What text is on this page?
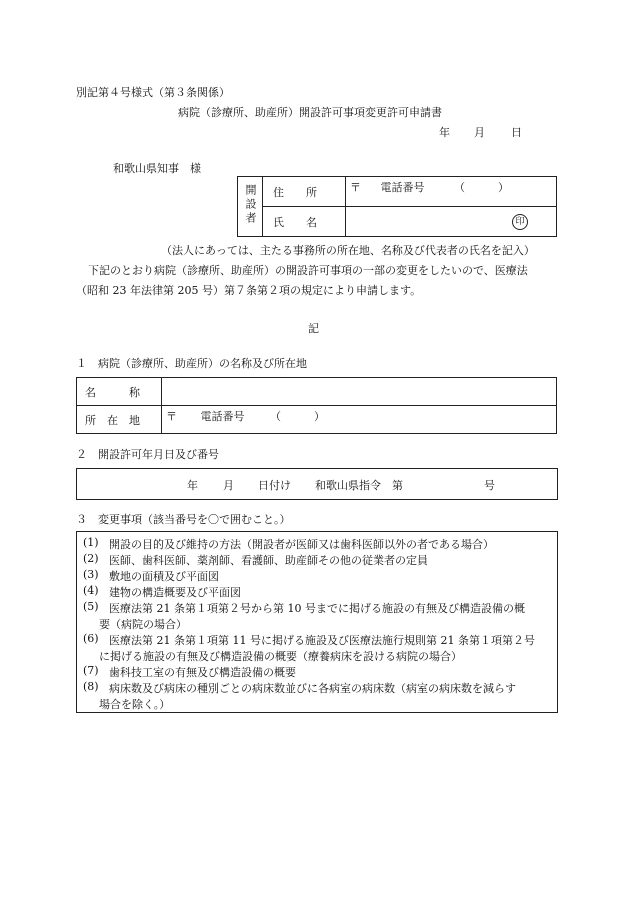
別記第４号様式（第３条関係）
病院（診療所、助産所）開設許可事項変更許可申請書
年 月 日
和歌山県知事　様
開設者	住　　所	〒 電話番号 （　　　）
	氏　　名	印
（法人にあっては、主たる事務所の所在地、名称及び代表者の氏名を記入）
下記のとおり病院（診療所、助産所）の開設許可事項の一部の変更をしたいので、医療法
（昭和 23 年法律第 205 号）第７条第２項の規定により申請します。
記
１　病院（診療所、助産所）の名称及び所在地
名　　　称	
所　在　地	〒 電話番号 （　　　）
２　開設許可年月日及び番号
年 月 日付け 和歌山県指令　第	号
３　変更事項（該当番号を〇で囲むこと。）
(1) 開設の目的及び維持の方法（開設者が医師又は歯科医師以外の者である場合）
(2) 医師、歯科医師、薬剤師、看護師、助産師その他の従業者の定員
(3) 敷地の面積及び平面図
(4) 建物の構造概要及び平面図
(5) 医療法第 21 条第１項第２号から第 10 号までに掲げる施設の有無及び構造設備の概
要（病院の場合）
(6) 医療法第 21 条第１項第 11 号に掲げる施設及び医療法施行規則第 21 条第１項第２号
に掲げる施設の有無及び構造設備の概要（療養病床を設ける病院の場合）
(7) 歯科技工室の有無及び構造設備の概要
(8) 病床数及び病床の種別ごとの病床数並びに各病室の病床数（病室の病床数を減らす
場合を除く。）
